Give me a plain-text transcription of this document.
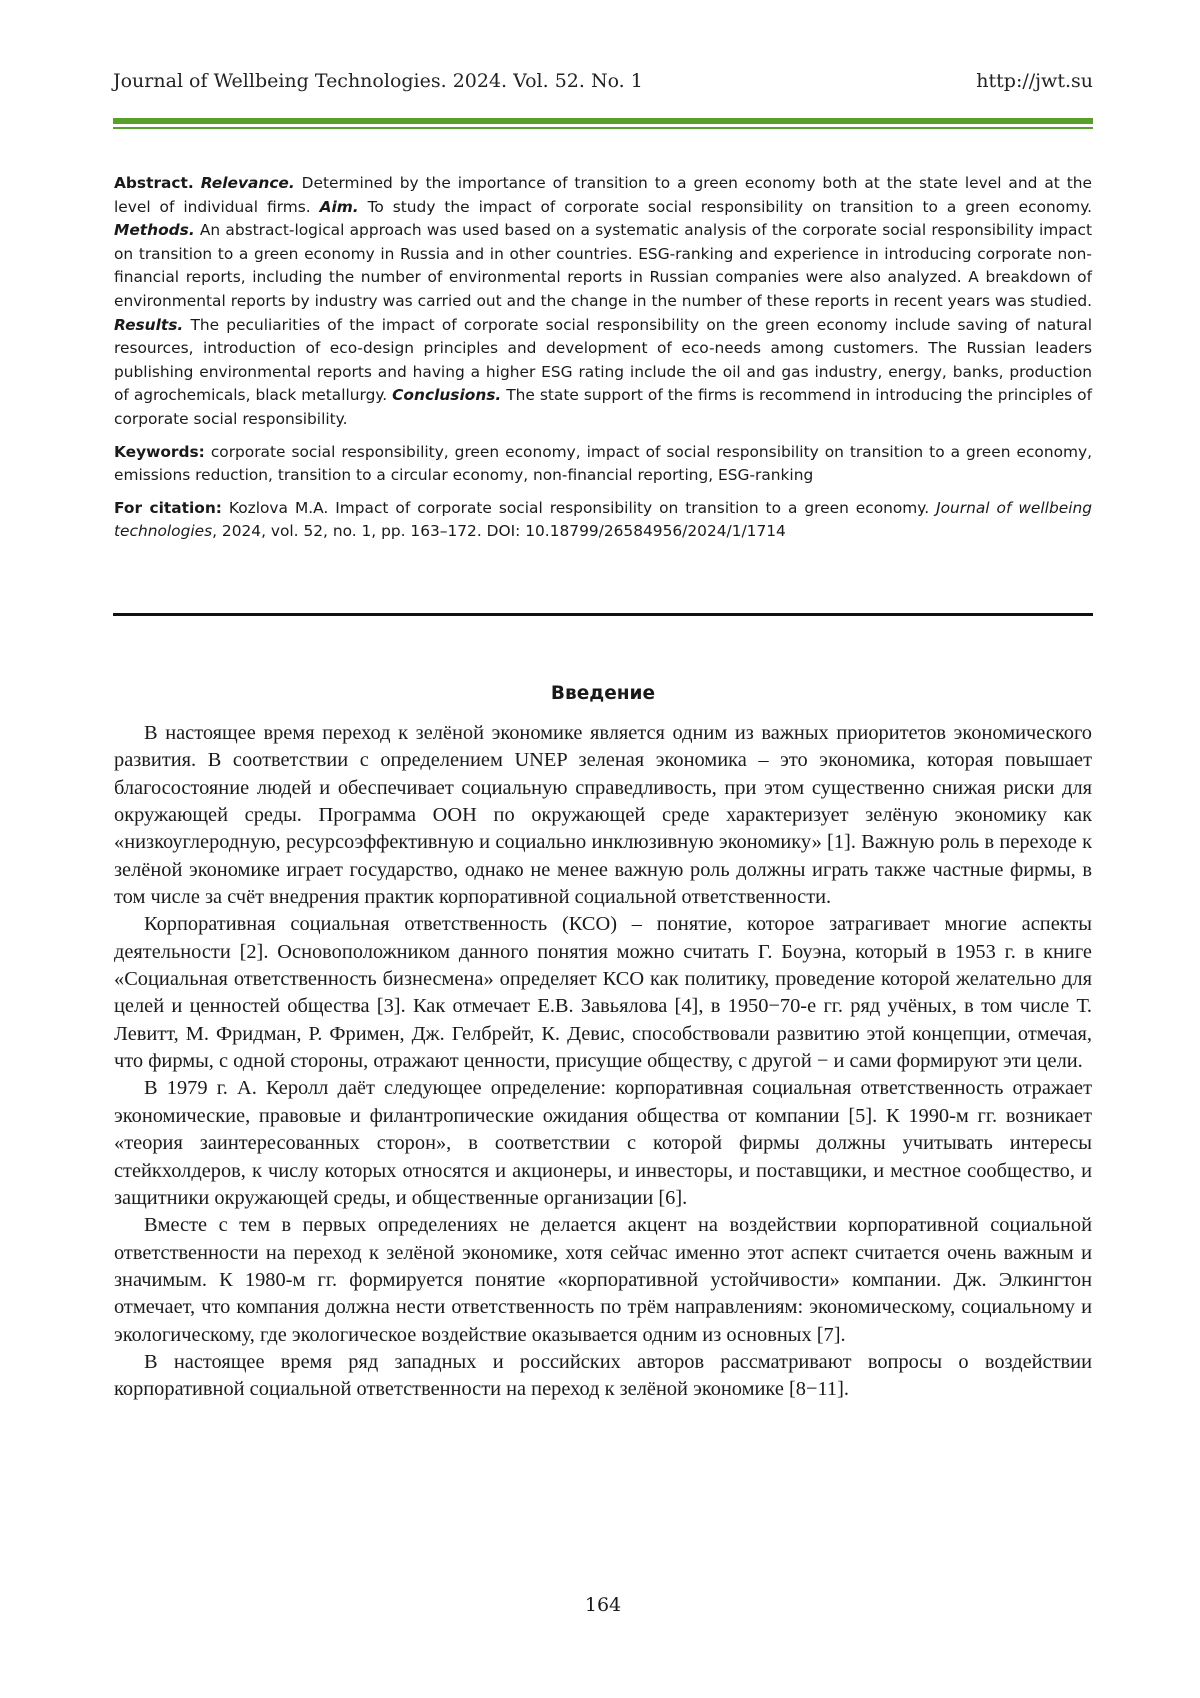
Journal of Wellbeing Technologies. 2024. Vol. 52. No. 1	http://jwt.su

Abstract. Relevance. Determined by the importance of transition to a green economy both at the state level and at the level of individual firms. Aim. To study the impact of corporate social responsibility on transition to a green economy. Methods. An abstract-logical approach was used based on a systematic analysis of the corporate social responsibility impact on transition to a green economy in Russia and in other countries. ESG-ranking and experience in introducing corporate non-financial reports, including the number of environmental reports in Russian companies were also analyzed. A breakdown of environmental reports by industry was carried out and the change in the number of these reports in recent years was studied. Results. The peculiarities of the impact of corporate social responsibility on the green economy include saving of natural resources, introduction of eco-design principles and development of eco-needs among customers. The Russian leaders publishing environmental reports and having a higher ESG rating include the oil and gas industry, energy, banks, production of agrochemicals, black metallurgy. Conclusions. The state support of the firms is recommend in introducing the principles of corporate social responsibility.

Keywords: corporate social responsibility, green economy, impact of social responsibility on transition to a green economy, emissions reduction, transition to a circular economy, non-financial reporting, ESG-ranking

For citation: Kozlova M.A. Impact of corporate social responsibility on transition to a green economy. Journal of wellbeing technologies, 2024, vol. 52, no. 1, pp. 163–172. DOI: 10.18799/26584956/2024/1/1714

Введение

В настоящее время переход к зелёной экономике является одним из важных приоритетов экономического развития. В соответствии с определением UNEP зеленая экономика – это экономика, которая повышает благосостояние людей и обеспечивает социальную справедливость, при этом существенно снижая риски для окружающей среды. Программа ООН по окружающей среде характеризует зелёную экономику как «низкоуглеродную, ресурсоэффективную и социально инклюзивную экономику» [1]. Важную роль в переходе к зелёной экономике играет государство, однако не менее важную роль должны играть также частные фирмы, в том числе за счёт внедрения практик корпоративной социальной ответственности.

Корпоративная социальная ответственность (КСО) – понятие, которое затрагивает многие аспекты деятельности [2]. Основоположником данного понятия можно считать Г. Боуэна, который в 1953 г. в книге «Социальная ответственность бизнесмена» определяет КСО как политику, проведение которой желательно для целей и ценностей общества [3]. Как отмечает Е.В. Завьялова [4], в 1950−70-е гг. ряд учёных, в том числе Т. Левитт, М. Фридман, Р. Фримен, Дж. Гелбрейт, К. Девис, способствовали развитию этой концепции, отмечая, что фирмы, с одной стороны, отражают ценности, присущие обществу, с другой − и сами формируют эти цели.

В 1979 г. А. Керолл даёт следующее определение: корпоративная социальная ответственность отражает экономические, правовые и филантропические ожидания общества от компании [5]. К 1990-м гг. возникает «теория заинтересованных сторон», в соответствии с которой фирмы должны учитывать интересы стейкхолдеров, к числу которых относятся и акционеры, и инвесторы, и поставщики, и местное сообщество, и защитники окружающей среды, и общественные организации [6].

Вместе с тем в первых определениях не делается акцент на воздействии корпоративной социальной ответственности на переход к зелёной экономике, хотя сейчас именно этот аспект считается очень важным и значимым. К 1980-м гг. формируется понятие «корпоративной устойчивости» компании. Дж. Элкингтон отмечает, что компания должна нести ответственность по трём направлениям: экономическому, социальному и экологическому, где экологическое воздействие оказывается одним из основных [7].

В настоящее время ряд западных и российских авторов рассматривают вопросы о воздействии корпоративной социальной ответственности на переход к зелёной экономике [8−11].

164
